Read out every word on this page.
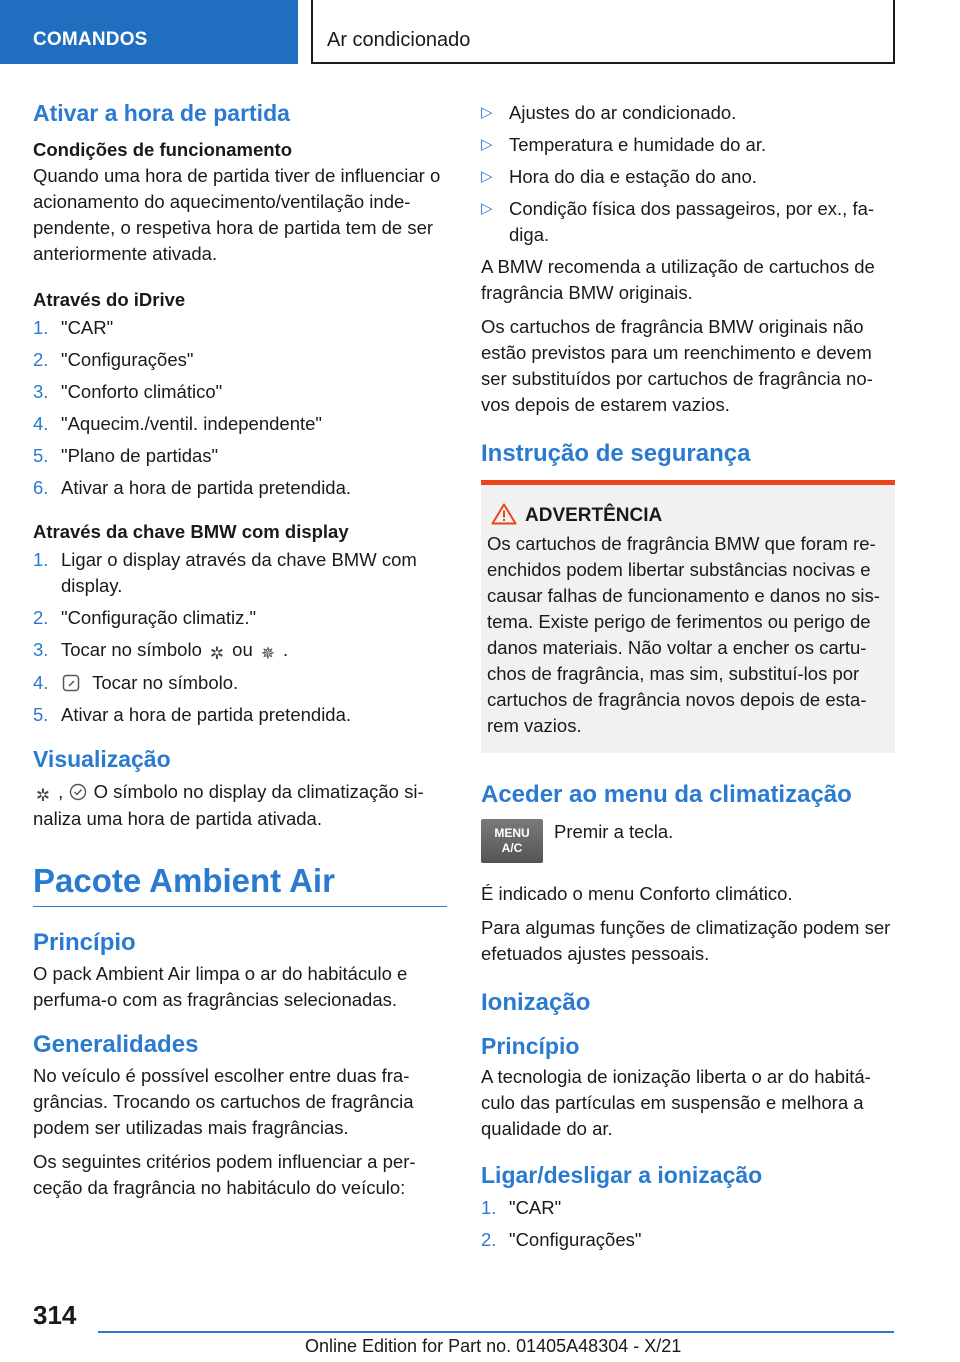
COMANDOS	Ar condicionado
Ativar a hora de partida
Condições de funcionamento

Quando uma hora de partida tiver de influenciar o acionamento do aquecimento/ventilação inde-pendente, o respetiva hora de partida tem de ser anteriormente ativada.

Através do iDrive
1. "CAR"
2. "Configurações"
3. "Conforto climático"
4. "Aquecim./ventil. independente"
5. "Plano de partidas"
6. Ativar a hora de partida pretendida.
Através da chave BMW com display
1. Ligar o display através da chave BMW com display.
2. "Configuração climatiz."
3. Tocar no símbolo ✲ ou ✵ .
4. Tocar no símbolo.
5. Ativar a hora de partida pretendida.
Visualização

✲ ,  O símbolo no display da climatização si-naliza uma hora de partida ativada.

Pacote Ambient Air
Princípio

O pack Ambient Air limpa o ar do habitáculo e perfuma-o com as fragrâncias selecionadas.

Generalidades

No veículo é possível escolher entre duas fra-grâncias. Trocando os cartuchos de fragrância podem ser utilizadas mais fragrâncias.

Os seguintes critérios podem influenciar a per-ceção da fragrância no habitáculo do veículo:

▷ Ajustes do ar condicionado.
▷ Temperatura e humidade do ar.
▷ Hora do dia e estação do ano.
▷ Condição física dos passageiros, por ex., fa-diga.

A BMW recomenda a utilização de cartuchos de fragrância BMW originais.

Os cartuchos de fragrância BMW originais não estão previstos para um reenchimento e devem ser substituídos por cartuchos de fragrância no-vos depois de estarem vazios.

Instrução de segurança
ADVERTÊNCIA

Os cartuchos de fragrância BMW que foram re-enchidos podem libertar substâncias nocivas e causar falhas de funcionamento e danos no sis-tema. Existe perigo de ferimentos ou perigo de danos materiais. Não voltar a encher os cartu-chos de fragrância, mas sim, substituí-los por cartuchos de fragrância novos depois de esta-rem vazios.

Aceder ao menu da climatização
MENU
A/C
Premir a tecla.

É indicado o menu Conforto climático.

Para algumas funções de climatização podem ser efetuados ajustes pessoais.

Ionização
Princípio

A tecnologia de ionização liberta o ar do habitá-culo das partículas em suspensão e melhora a qualidade do ar.

Ligar/desligar a ionização
1. "CAR"
2. "Configurações"
314
Online Edition for Part no. 01405A48304 - X/21
